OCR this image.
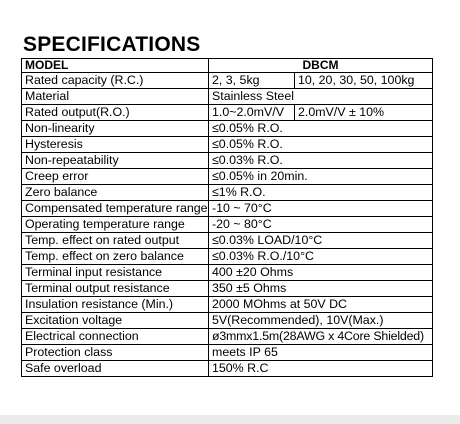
SPECIFICATIONS
MODEL	DBCM	
Rated capacity (R.C.)	2, 3, 5kg	10, 20, 30, 50, 100kg
Material	Stainless Steel	
Rated output(R.O.)	1.0~2.0mV/V	2.0mV/V ± 10%
Non-linearity	≤0.05% R.O.	
Hysteresis	≤0.05% R.O.	
Non-repeatability	≤0.03% R.O.	
Creep error	≤0.05% in 20min.	
Zero balance	≤1% R.O.	
Compensated temperature range	-10 ~ 70°C	
Operating temperature range	-20 ~ 80°C	
Temp. effect on rated output	≤0.03% LOAD/10°C	
Temp. effect on zero balance	≤0.03% R.O./10°C	
Terminal input resistance	400 ±20 Ohms	
Terminal output resistance	350 ±5 Ohms	
Insulation resistance (Min.)	2000 MOhms at 50V DC	
Excitation voltage	5V(Recommended), 10V(Max.)	
Electrical connection	ø3mmx1.5m(28AWG x 4Core Shielded)	
Protection class	meets IP 65	
Safe overload	150% R.C	
